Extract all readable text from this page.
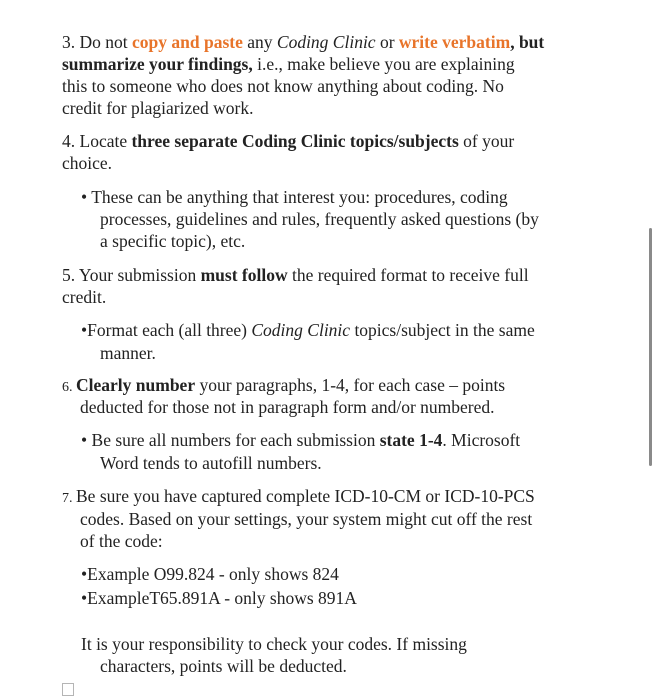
3. Do not copy and paste any Coding Clinic or write verbatim, but
summarize your findings, i.e., make believe you are explaining
this to someone who does not know anything about coding. No
credit for plagiarized work.
4. Locate three separate Coding Clinic topics/subjects of your
choice.
• These can be anything that interest you: procedures, coding
processes, guidelines and rules, frequently asked questions (by
a specific topic), etc.
5. Your submission must follow the required format to receive full
credit.
•Format each (all three) Coding Clinic topics/subject in the same
manner.
6. Clearly number your paragraphs, 1-4, for each case – points
deducted for those not in paragraph form and/or numbered.
• Be sure all numbers for each submission state 1-4. Microsoft
Word tends to autofill numbers.
7. Be sure you have captured complete ICD-10-CM or ICD-10-PCS
codes. Based on your settings, your system might cut off the rest
of the code:
•Example O99.824 - only shows 824
•ExampleT65.891A - only shows 891A
It is your responsibility to check your codes. If missing
characters, points will be deducted.
